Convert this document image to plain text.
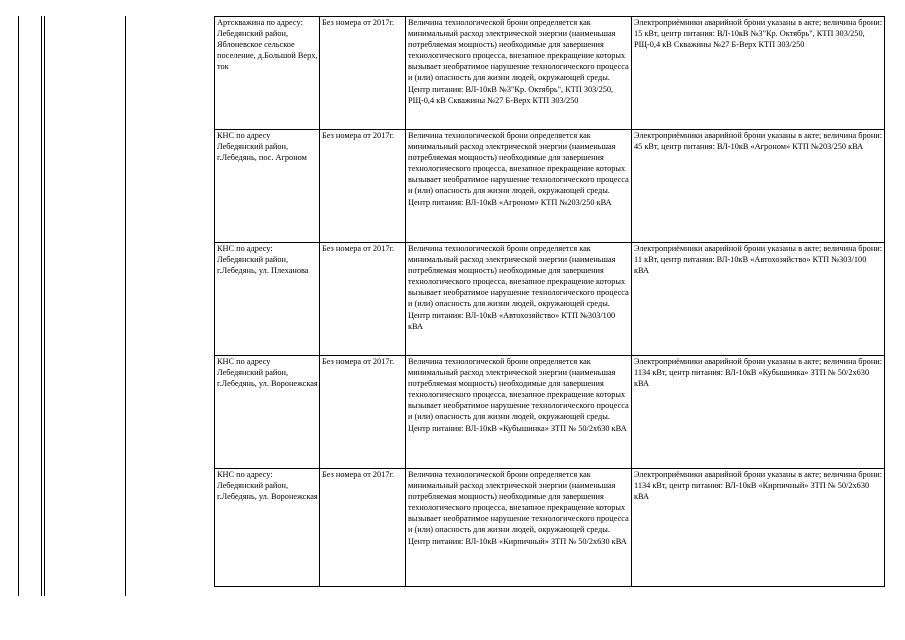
Артскважина по адресу: Лебедянский район, Яблоневское сельское поселение, д.Большой Верх, ток	Без номера от 2017г.	Величина технологической брони определяется как минимальный расход электрической энергии (наименьшая потребляемая мощность) необходимые для завершения технологического процесса, внезапное прекращение которых вызывает необратимое нарушение технологического процесса и (или) опасность для жизни людей, окружающей среды. Центр питания: ВЛ-10кВ №3"Кр. Октябрь", КТП 303/250, РЩ-0,4 кВ Скважины №27 Б-Верх КТП 303/250	Электроприёмники аварийной брони указаны в акте; величина брони: 15 кВт, центр питания: ВЛ-10кВ №3"Кр. Октябрь", КТП 303/250, РЩ-0,4 кВ Скважины №27 Б-Верх КТП 303/250
КНС по адресу Лебедянский район, г.Лебедянь, пос. Агроном	Без номера от 2017г.	Величина технологической брони определяется как минимальный расход электрической энергии (наименьшая потребляемая мощность) необходимые для завершения технологического процесса, внезапное прекращение которых вызывает необратимое нарушение технологического процесса и (или) опасность для жизни людей, окружающей среды. Центр питания: ВЛ-10кВ «Агроном» КТП №203/250 кВА	Электроприёмники аварийной брони указаны в акте; величина брони: 45 кВт, центр питания: ВЛ-10кВ «Агроном» КТП №203/250 кВА
КНС по адресу: Лебедянский район, г.Лебедянь, ул. Плеханова	Без номера от 2017г.	Величина технологической брони определяется как минимальный расход электрической энергии (наименьшая потребляемая мощность) необходимые для завершения технологического процесса, внезапное прекращение которых вызывает необратимое нарушение технологического процесса и (или) опасность для жизни людей, окружающей среды. Центр питания: ВЛ-10кВ «Автохозяйство» КТП №303/100 кВА	Электроприёмники аварийной брони указаны в акте; величина брони: 11 кВт, центр питания: ВЛ-10кВ «Автохозяйство» КТП №303/100 кВА
КНС по адресу Лебедянский район, г.Лебедянь, ул. Воронежская	Без номера от 2017г.	Величина технологической брони определяется как минимальный расход электрической энергии (наименьшая потребляемая мощность) необходимые для завершения технологического процесса, внезапное прекращение которых вызывает необратимое нарушение технологического процесса и (или) опасность для жизни людей, окружающей среды. Центр питания: ВЛ-10кВ «Кубышинка» ЗТП № 50/2х630 кВА	Электроприёмники аварийной брони указаны в акте; величина брони: 1134 кВт, центр питания: ВЛ-10кВ «Кубышинка» ЗТП № 50/2х630 кВА
КНС по адресу: Лебедянский район, г.Лебедянь, ул. Воронежская	Без номера от 2017г.	Величина технологической брони определяется как минимальный расход электрической энергии (наименьшая потребляемая мощность) необходимые для завершения технологического процесса, внезапное прекращение которых вызывает необратимое нарушение технологического процесса и (или) опасность для жизни людей, окружающей среды. Центр питания: ВЛ-10кВ «Кирпичный» ЗТП № 50/2х630 кВА	Электроприёмники аварийной брони указаны в акте; величина брони: 1134 кВт, центр питания: ВЛ-10кВ «Кирпичный» ЗТП № 50/2х630 кВА
